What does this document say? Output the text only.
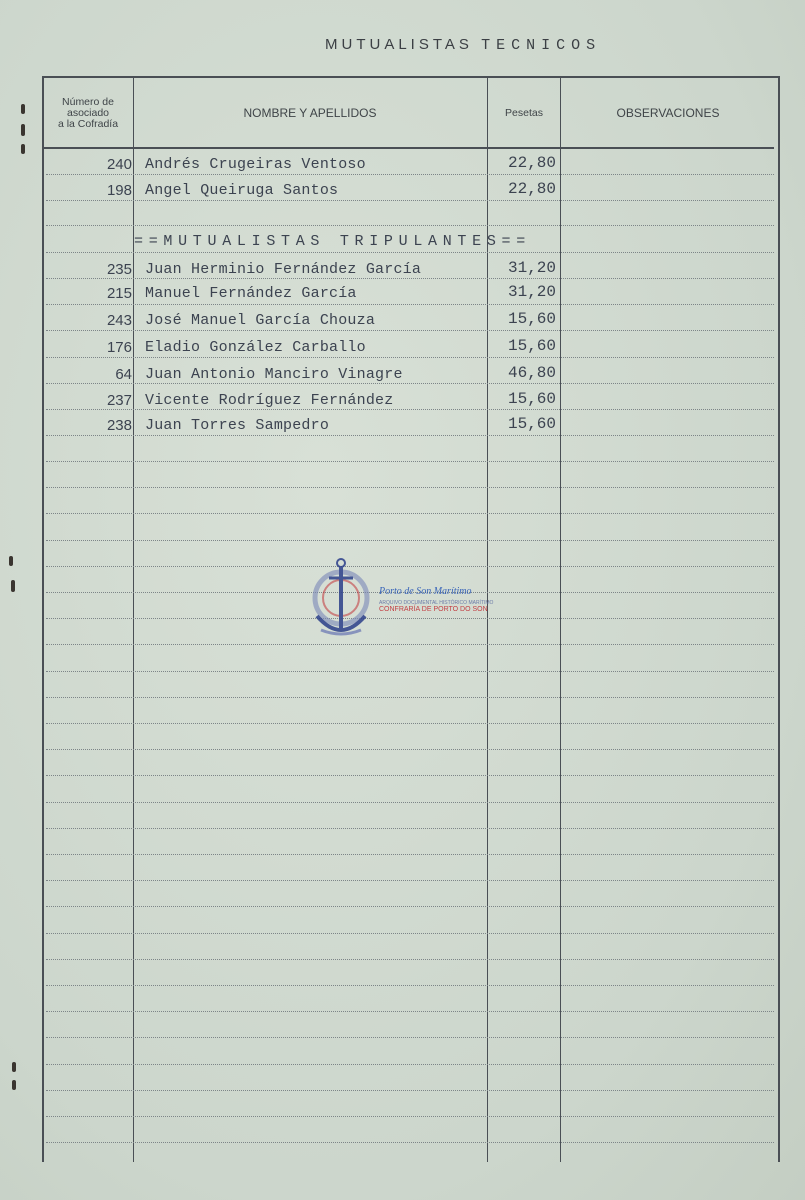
MUTUALISTAS TECNICOS
Número de
asociado
a la Cofradía
NOMBRE Y APELLIDOS	Pesetas	OBSERVACIONES
240 Andrés Crugeiras Ventoso	22,80
198 Angel Queiruga Santos	22,80
==MUTUALISTAS TRIPULANTES==
235 Juan Herminio Fernández García	31,20
215 Manuel Fernández García	31,20
243 José Manuel García Chouza	15,60
176 Eladio González Carballo	15,60
64 Juan Antonio Manciro Vinagre	46,80
237 Vicente Rodríguez Fernández	15,60
238 Juan Torres Sampedro	15,60
Porto de Son Marítimo
ARQUIVO DOCUMENTAL HISTÓRICO MARÍTIMO
CONFRARÍA DE PORTO DO SON
